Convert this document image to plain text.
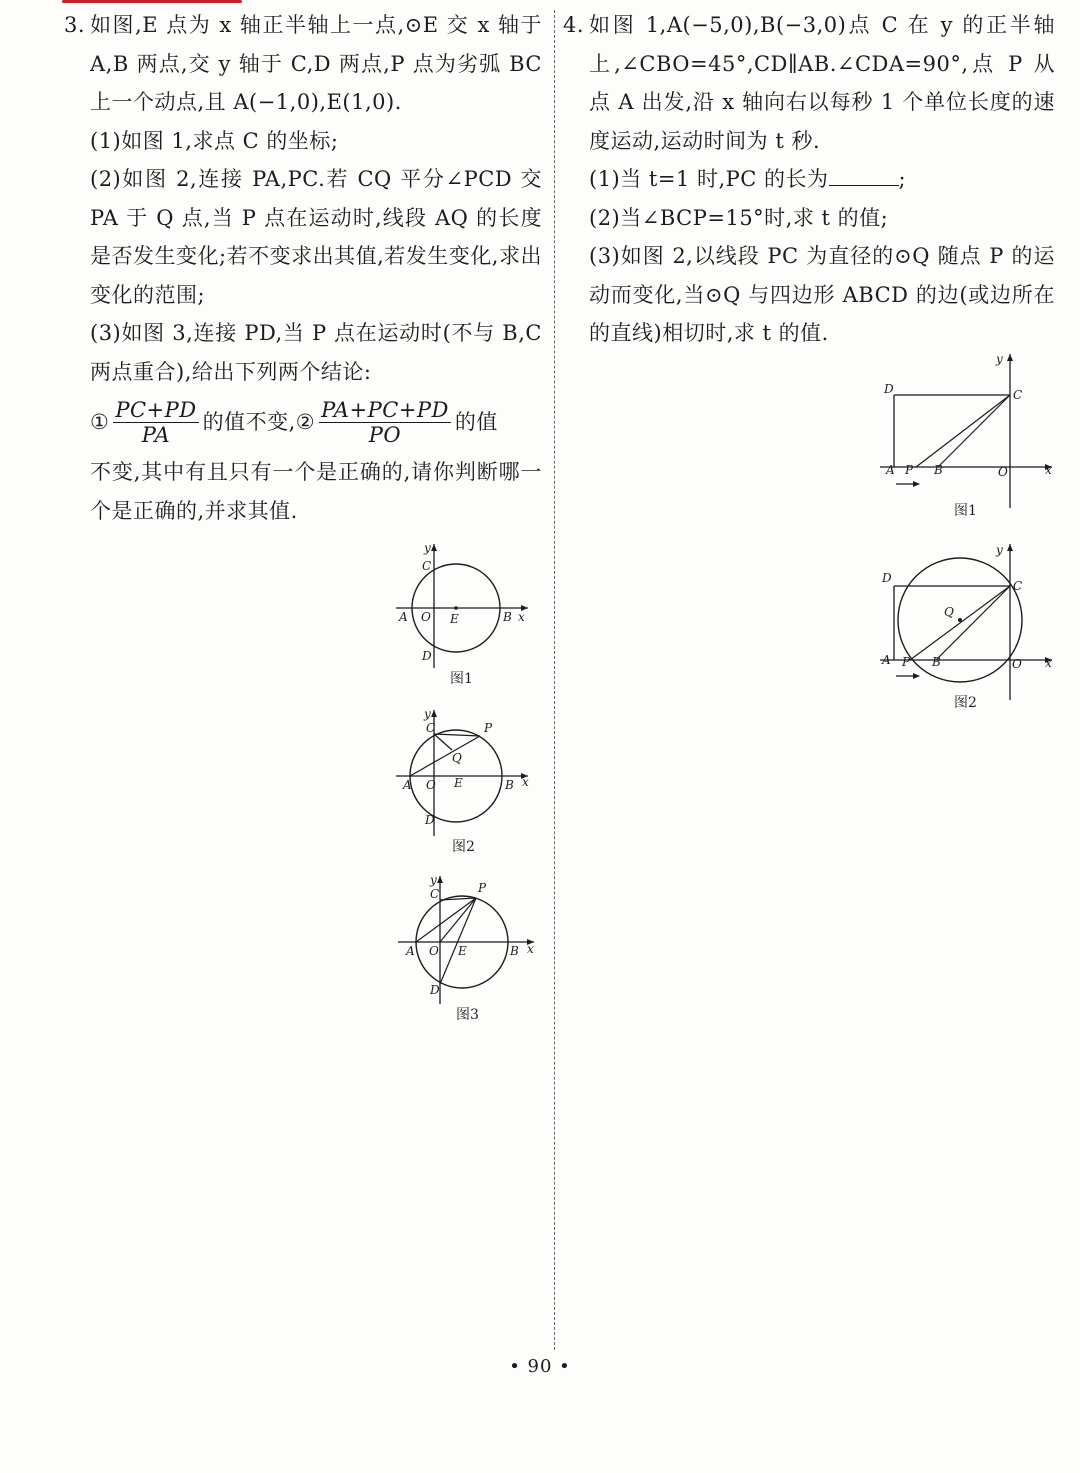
3. 如图,E 点为 x 轴正半轴上一点,⊙E 交 x 轴于 A,B 两点,交 y 轴于 C,D 两点,P 点为劣弧 BC 上一个动点,且 A(−1,0),E(1,0).

(1)如图 1,求点 C 的坐标;

(2)如图 2,连接 PA,PC.若 CQ 平分∠PCD 交 PA 于 Q 点,当 P 点在运动时,线段 AQ 的长度是否发生变化;若不变求出其值,若发生变化,求出变化的范围;

(3)如图 3,连接 PD,当 P 点在运动时(不与 B,C 两点重合),给出下列两个结论:

① $\frac{PC+PD}{PA}$ 的值不变, ② $\frac{PA+PC+PD}{PO}$ 的值

不变,其中有且只有一个是正确的,请你判断哪一个是正确的,并求其值.

y
C
A O E	B x
D
图1
y
C	P
Q
A O E	B x
D
图2
y
C	P
A O E	B x
D
图3
4. 如图 1,A(−5,0),B(−3,0)点 C 在 y 的正半轴上,∠CBO=45°,CD∥AB.∠CDA=90°,点 P 从点 A 出发,沿 x 轴向右以每秒 1 个单位长度的速度运动,运动时间为 t 秒.

(1)当 t=1 时,PC 的长为	;

(2)当∠BCP=15°时,求 t 的值;

(3)如图 2,以线段 PC 为直径的⊙Q 随点 P 的运动而变化,当⊙Q 与四边形 ABCD 的边(或边所在的直线)相切时,求 t 的值.

y
D	C
A P B	O	x
图1
y
D
C
Q
A P B	O x
图2
• 90 •
